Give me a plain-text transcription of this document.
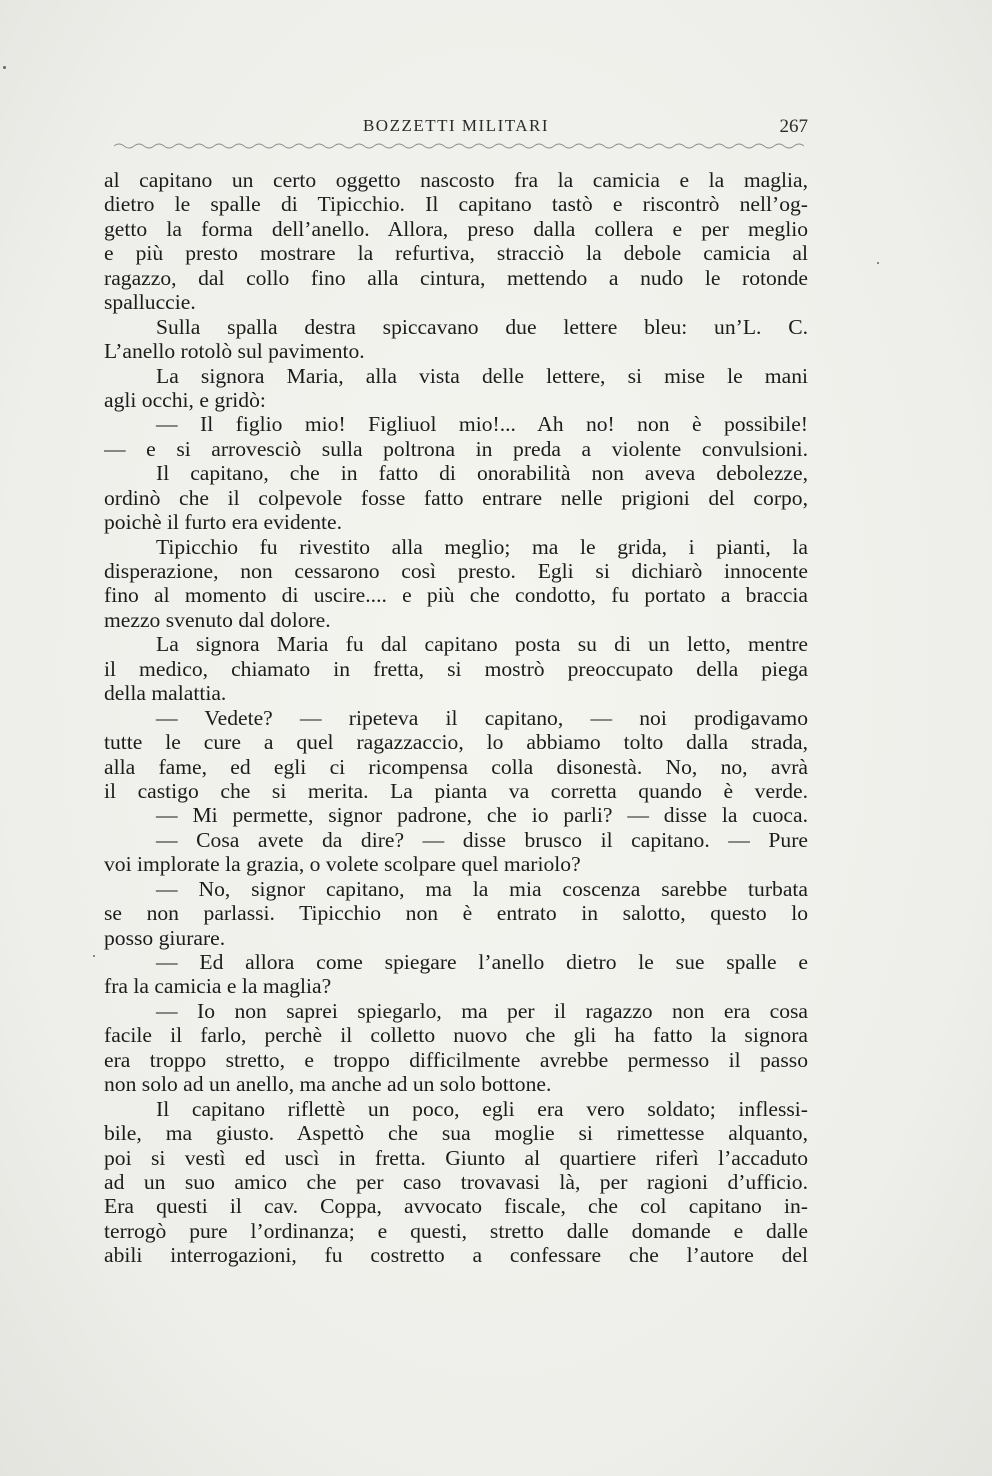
BOZZETTI MILITARI	267
al capitano un certo oggetto nascosto fra la camicia e la maglia,
dietro le spalle di Tipicchio. Il capitano tastò e riscontrò nell’og-
getto la forma dell’anello. Allora, preso dalla collera e per meglio
e più presto mostrare la refurtiva, stracciò la debole camicia al
ragazzo, dal collo fino alla cintura, mettendo a nudo le rotonde
spalluccie.
Sulla spalla destra spiccavano due lettere bleu: un’L. C.
L’anello rotolò sul pavimento.
La signora Maria, alla vista delle lettere, si mise le mani
agli occhi, e gridò:
— Il figlio mio! Figliuol mio!... Ah no! non è possibile!
— e si arrovesciò sulla poltrona in preda a violente convulsioni.
Il capitano, che in fatto di onorabilità non aveva debolezze,
ordinò che il colpevole fosse fatto entrare nelle prigioni del corpo,
poichè il furto era evidente.
Tipicchio fu rivestito alla meglio; ma le grida, i pianti, la
disperazione, non cessarono così presto. Egli si dichiarò innocente
fino al momento di uscire.... e più che condotto, fu portato a braccia
mezzo svenuto dal dolore.
La signora Maria fu dal capitano posta su di un letto, mentre
il medico, chiamato in fretta, si mostrò preoccupato della piega
della malattia.
— Vedete? — ripeteva il capitano, — noi prodigavamo
tutte le cure a quel ragazzaccio, lo abbiamo tolto dalla strada,
alla fame, ed egli ci ricompensa colla disonestà. No, no, avrà
il castigo che si merita. La pianta va corretta quando è verde.
— Mi permette, signor padrone, che io parli? — disse la cuoca.
— Cosa avete da dire? — disse brusco il capitano. — Pure
voi implorate la grazia, o volete scolpare quel mariolo?
— No, signor capitano, ma la mia coscenza sarebbe turbata
se non parlassi. Tipicchio non è entrato in salotto, questo lo
posso giurare.
— Ed allora come spiegare l’anello dietro le sue spalle e
fra la camicia e la maglia?
— Io non saprei spiegarlo, ma per il ragazzo non era cosa
facile il farlo, perchè il colletto nuovo che gli ha fatto la signora
era troppo stretto, e troppo difficilmente avrebbe permesso il passo
non solo ad un anello, ma anche ad un solo bottone.
Il capitano riflettè un poco, egli era vero soldato; inflessi-
bile, ma giusto. Aspettò che sua moglie si rimettesse alquanto,
poi si vestì ed uscì in fretta. Giunto al quartiere riferì l’accaduto
ad un suo amico che per caso trovavasi là, per ragioni d’ufficio.
Era questi il cav. Coppa, avvocato fiscale, che col capitano in-
terrogò pure l’ordinanza; e questi, stretto dalle domande e dalle
abili interrogazioni, fu costretto a confessare che l’autore del
